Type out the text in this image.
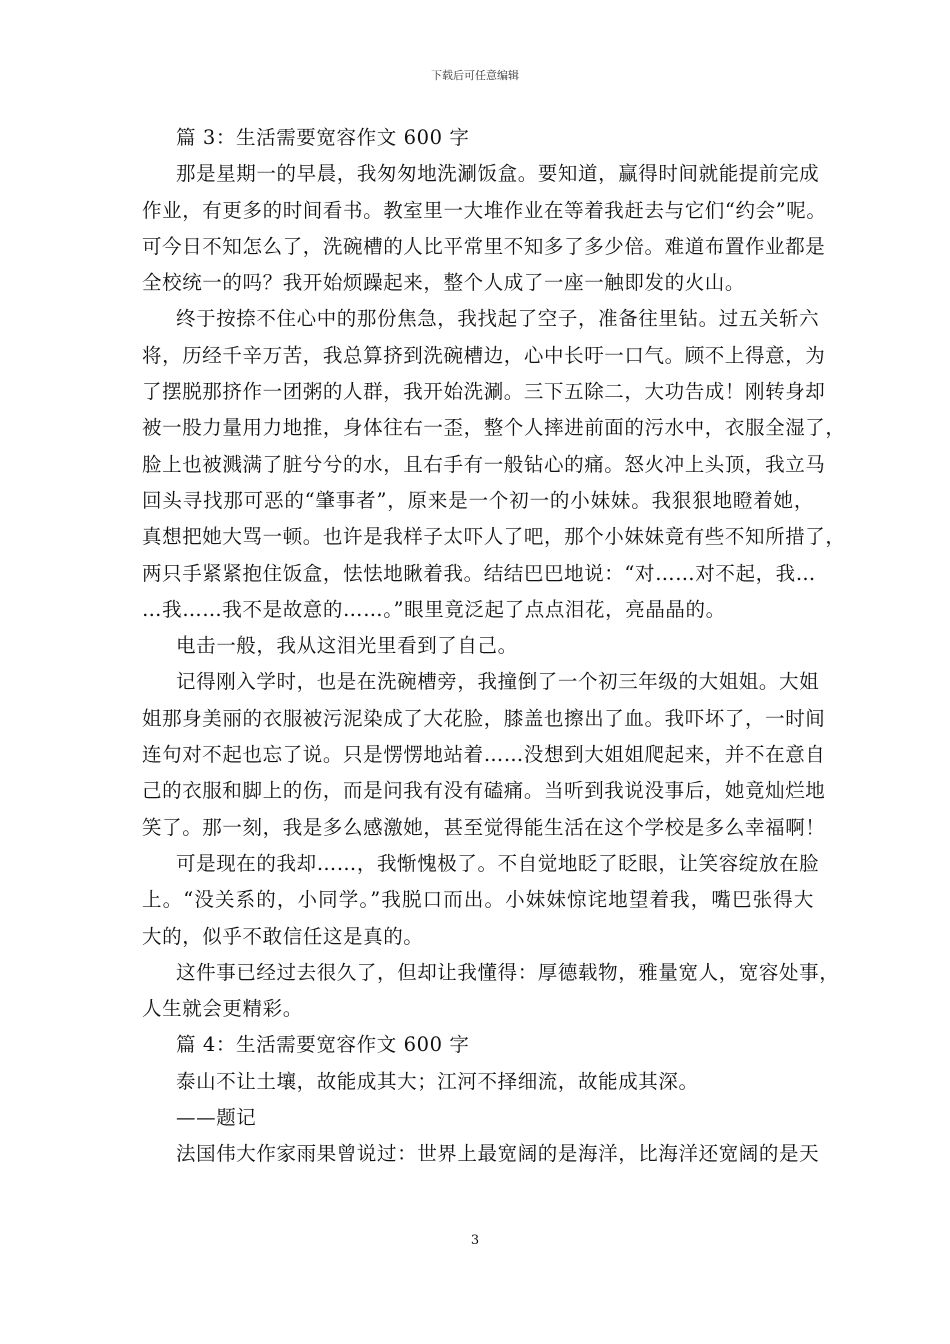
下载后可任意编辑

篇 3：生活需要宽容作文 600 字

那是星期一的早晨，我匆匆地洗涮饭盒。要知道，赢得时间就能提前完成

作业，有更多的时间看书。教室里一大堆作业在等着我赶去与它们“约会”呢。

可今日不知怎么了，洗碗槽的人比平常里不知多了多少倍。难道布置作业都是

全校统一的吗？我开始烦躁起来，整个人成了一座一触即发的火山。

终于按捺不住心中的那份焦急，我找起了空子，准备往里钻。过五关斩六

将，历经千辛万苦，我总算挤到洗碗槽边，心中长吁一口气。顾不上得意，为

了摆脱那挤作一团粥的人群，我开始洗涮。三下五除二，大功告成！刚转身却

被一股力量用力地推，身体往右一歪，整个人摔进前面的污水中，衣服全湿了，

脸上也被溅满了脏兮兮的水，且右手有一般钻心的痛。怒火冲上头顶，我立马

回头寻找那可恶的“肇事者”，原来是一个初一的小妹妹。我狠狠地瞪着她，

真想把她大骂一顿。也许是我样子太吓人了吧，那个小妹妹竟有些不知所措了，

两只手紧紧抱住饭盒，怯怯地瞅着我。结结巴巴地说：“对……对不起，我…

…我……我不是故意的……。”眼里竟泛起了点点泪花，亮晶晶的。

电击一般，我从这泪光里看到了自己。

记得刚入学时，也是在洗碗槽旁，我撞倒了一个初三年级的大姐姐。大姐

姐那身美丽的衣服被污泥染成了大花脸，膝盖也擦出了血。我吓坏了，一时间

连句对不起也忘了说。只是愣愣地站着……没想到大姐姐爬起来，并不在意自

己的衣服和脚上的伤，而是问我有没有磕痛。当听到我说没事后，她竟灿烂地

笑了。那一刻，我是多么感激她，甚至觉得能生活在这个学校是多么幸福啊！

可是现在的我却……，我惭愧极了。不自觉地眨了眨眼，让笑容绽放在脸

上。“没关系的，小同学。”我脱口而出。小妹妹惊诧地望着我，嘴巴张得大

大的，似乎不敢信任这是真的。

这件事已经过去很久了，但却让我懂得：厚德载物，雅量宽人，宽容处事，

人生就会更精彩。

篇 4：生活需要宽容作文 600 字

泰山不让土壤，故能成其大；江河不择细流，故能成其深。

——题记

法国伟大作家雨果曾说过：世界上最宽阔的是海洋，比海洋还宽阔的是天

3
